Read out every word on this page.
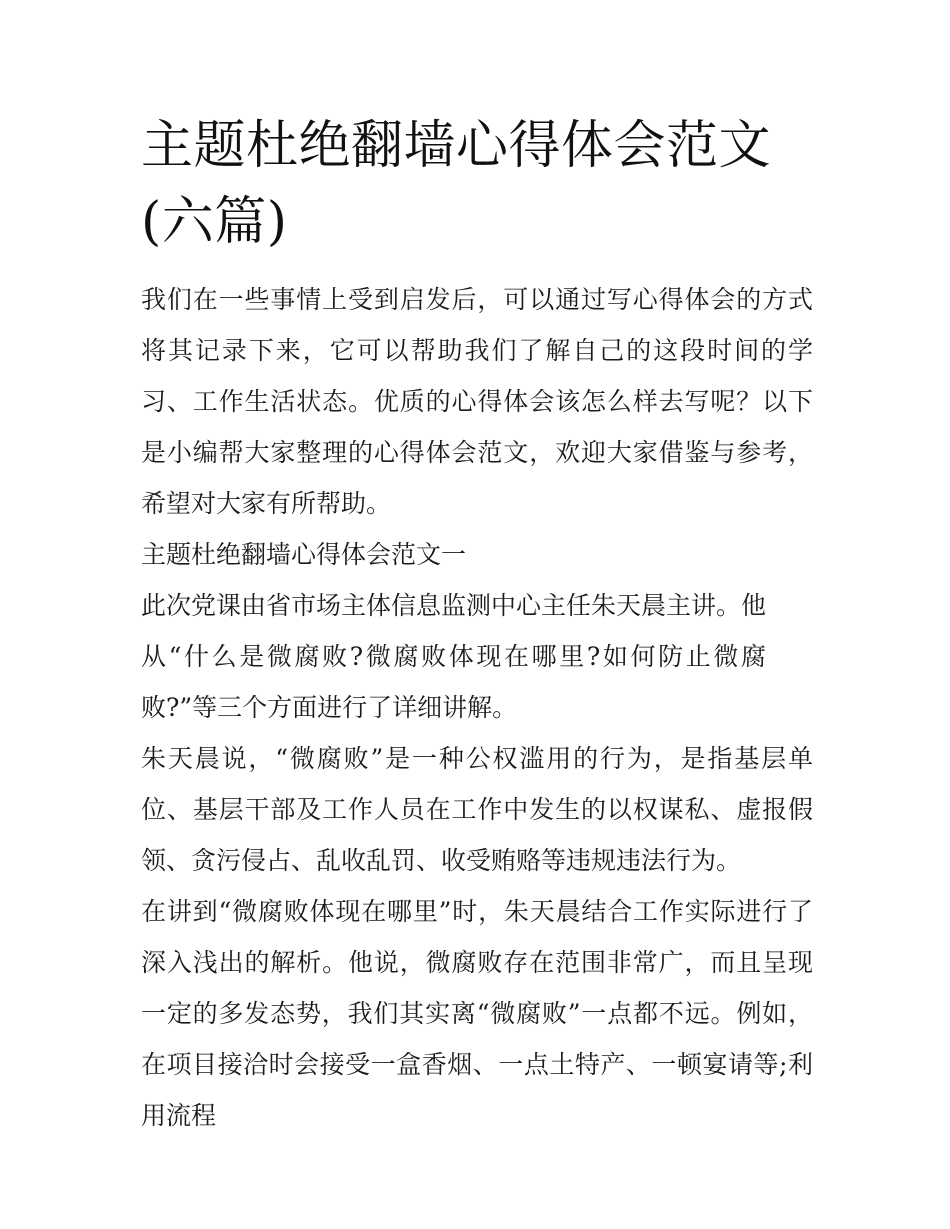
主题杜绝翻墙心得体会范文(六篇)

我们在一些事情上受到启发后，可以通过写心得体会的方式将其记录下来，它可以帮助我们了解自己的这段时间的学习、工作生活状态。优质的心得体会该怎么样去写呢？以下是小编帮大家整理的心得体会范文，欢迎大家借鉴与参考，希望对大家有所帮助。

主题杜绝翻墙心得体会范文一

此次党课由省市场主体信息监测中心主任朱天晨主讲。他从“什么是微腐败?微腐败体现在哪里?如何防止微腐败?”等三个方面进行了详细讲解。

朱天晨说，“微腐败”是一种公权滥用的行为，是指基层单位、基层干部及工作人员在工作中发生的以权谋私、虚报假领、贪污侵占、乱收乱罚、收受贿赂等违规违法行为。

在讲到“微腐败体现在哪里”时，朱天晨结合工作实际进行了深入浅出的解析。他说，微腐败存在范围非常广，而且呈现一定的多发态势，我们其实离“微腐败”一点都不远。例如，在项目接洽时会接受一盒香烟、一点土特产、一顿宴请等;利用流程
